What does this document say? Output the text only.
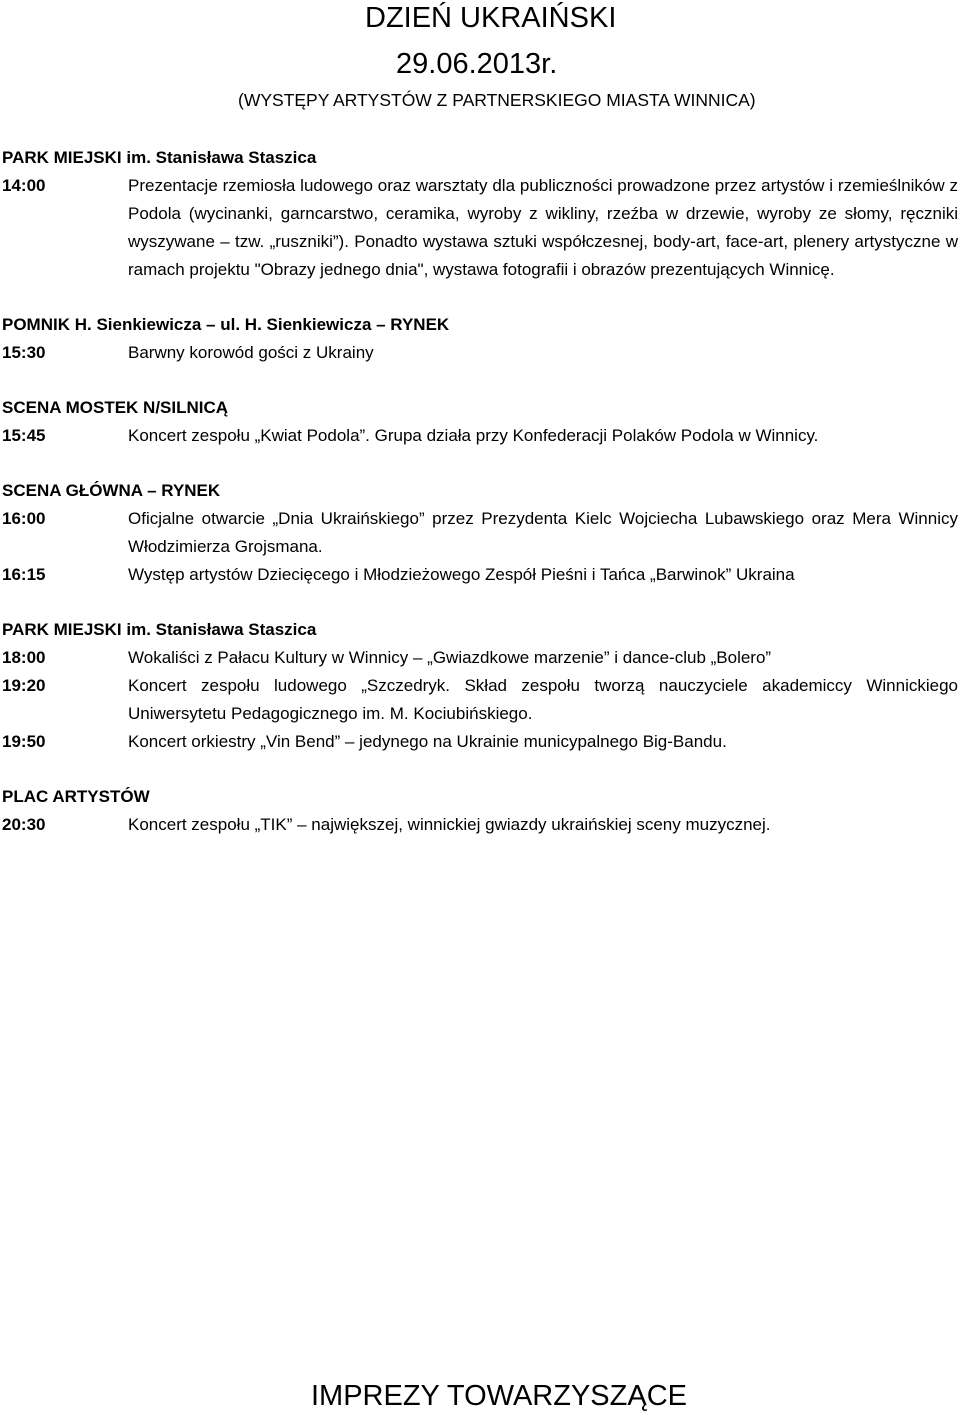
DZIEŃ UKRAIŃSKI
29.06.2013r.
(WYSTĘPY ARTYSTÓW Z PARTNERSKIEGO MIASTA WINNICA)
PARK MIEJSKI im. Stanisława Staszica
14:00	Prezentacje rzemiosła ludowego oraz warsztaty dla publiczności prowadzone przez artystów i rzemieślników z Podola (wycinanki, garncarstwo, ceramika, wyroby z wikliny, rzeźba w drzewie, wyroby ze słomy, ręczniki wyszywane – tzw. „ruszniki”). Ponadto wystawa sztuki współczesnej, body-art, face-art, plenery artystyczne w ramach projektu "Obrazy jednego dnia", wystawa fotografii i obrazów prezentujących Winnicę.
POMNIK H. Sienkiewicza – ul. H. Sienkiewicza – RYNEK
15:30	Barwny korowód gości z Ukrainy
SCENA MOSTEK N/SILNICĄ
15:45	Koncert zespołu „Kwiat Podola”. Grupa działa przy Konfederacji Polaków Podola w Winnicy.
SCENA GŁÓWNA – RYNEK
16:00	Oficjalne otwarcie „Dnia Ukraińskiego” przez Prezydenta Kielc Wojciecha Lubawskiego oraz Mera Winnicy Włodzimierza Grojsmana.
16:15	Występ artystów Dziecięcego i Młodzieżowego Zespół Pieśni i Tańca „Barwinok” Ukraina
PARK MIEJSKI im. Stanisława Staszica
18:00	Wokaliści z Pałacu Kultury w Winnicy – „Gwiazdkowe marzenie” i dance-club „Bolero”
19:20	Koncert zespołu ludowego „Szczedryk. Skład zespołu tworzą nauczyciele akademiccy Winnickiego Uniwersytetu Pedagogicznego im. M. Kociubińskiego.
19:50	Koncert orkiestry „Vin Bend” – jedynego na Ukrainie municypalnego Big-Bandu.
PLAC ARTYSTÓW
20:30	Koncert zespołu „TIK” – największej, winnickiej gwiazdy ukraińskiej sceny muzycznej.
IMPREZY TOWARZYSZĄCE
